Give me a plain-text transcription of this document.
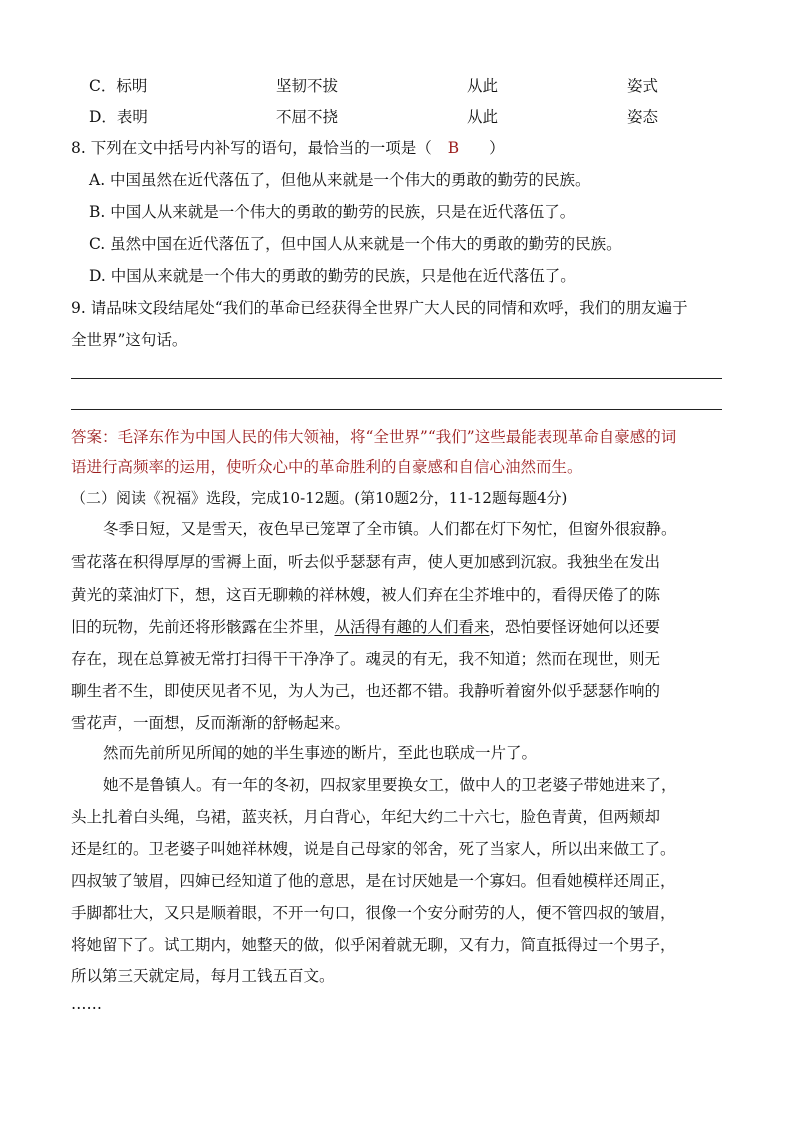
C．标明	坚韧不拔	从此	姿式
D．表明	不屈不挠	从此	姿态
8. 下列在文中括号内补写的语句，最恰当的一项是（ B ）
A. 中国虽然在近代落伍了，但他从来就是一个伟大的勇敢的勤劳的民族。
B. 中国人从来就是一个伟大的勇敢的勤劳的民族，只是在近代落伍了。
C. 虽然中国在近代落伍了，但中国人从来就是一个伟大的勇敢的勤劳的民族。
D. 中国从来就是一个伟大的勇敢的勤劳的民族，只是他在近代落伍了。
9. 请品味文段结尾处“我们的革命已经获得全世界广大人民的同情和欢呼，我们的朋友遍于
全世界”这句话。
答案：毛泽东作为中国人民的伟大领袖，将“全世界”“我们”这些最能表现革命自豪感的词
语进行高频率的运用，使听众心中的革命胜利的自豪感和自信心油然而生。
（二）阅读《祝福》选段，完成10-12题。(第10题2分，11-12题每题4分)
冬季日短，又是雪天，夜色早已笼罩了全市镇。人们都在灯下匆忙，但窗外很寂静。
雪花落在积得厚厚的雪褥上面，听去似乎瑟瑟有声，使人更加感到沉寂。我独坐在发出
黄光的菜油灯下，想，这百无聊赖的祥林嫂，被人们弃在尘芥堆中的，看得厌倦了的陈
旧的玩物，先前还将形骸露在尘芥里，从活得有趣的人们看来，恐怕要怪讶她何以还要
存在，现在总算被无常打扫得干干净净了。魂灵的有无，我不知道；然而在现世，则无
聊生者不生，即使厌见者不见，为人为己，也还都不错。我静听着窗外似乎瑟瑟作响的
雪花声，一面想，反而渐渐的舒畅起来。
然而先前所见所闻的她的半生事迹的断片，至此也联成一片了。
她不是鲁镇人。有一年的冬初，四叔家里要换女工，做中人的卫老婆子带她进来了，
头上扎着白头绳，乌裙，蓝夹袄，月白背心，年纪大约二十六七，脸色青黄，但两颊却
还是红的。卫老婆子叫她祥林嫂，说是自己母家的邻舍，死了当家人，所以出来做工了。
四叔皱了皱眉，四婶已经知道了他的意思，是在讨厌她是一个寡妇。但看她模样还周正，
手脚都壮大，又只是顺着眼，不开一句口，很像一个安分耐劳的人，便不管四叔的皱眉，
将她留下了。试工期内，她整天的做，似乎闲着就无聊，又有力，简直抵得过一个男子，
所以第三天就定局，每月工钱五百文。
……
